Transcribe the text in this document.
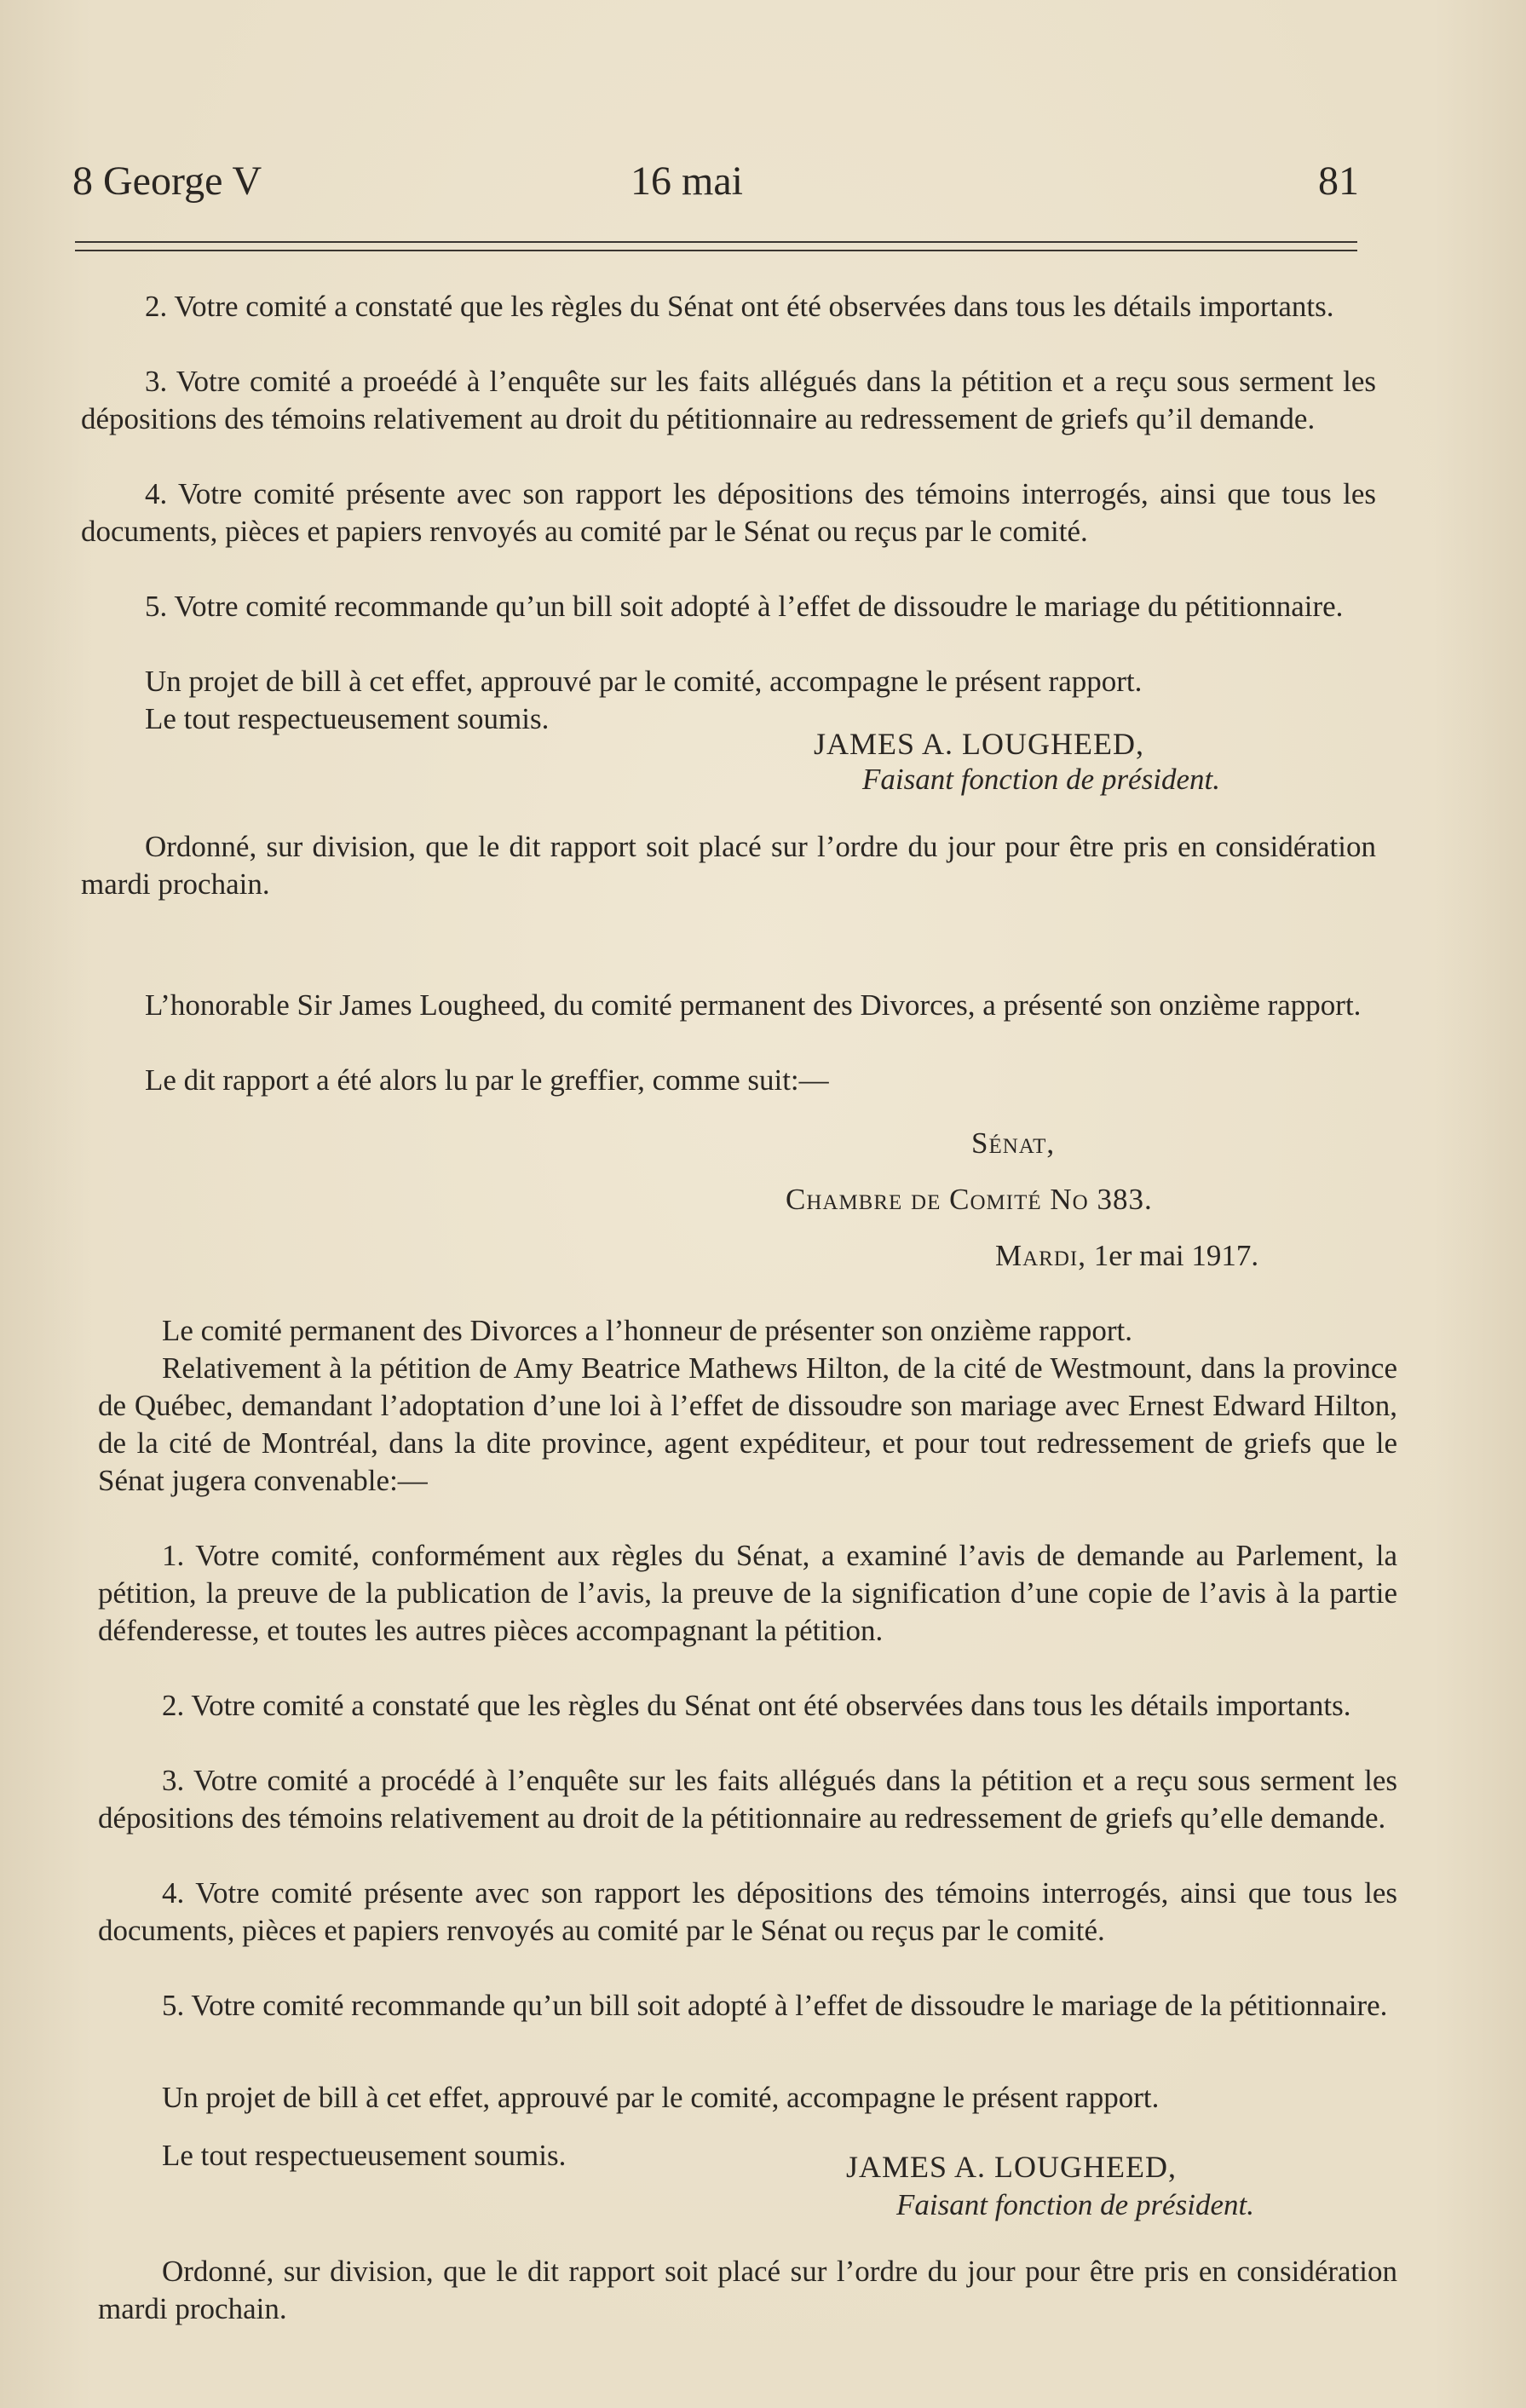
8 George V	16 mai	81

2. Votre comité a constaté que les règles du Sénat ont été observées dans tous les détails importants.

3. Votre comité a proeédé à l’enquête sur les faits allégués dans la pétition et a reçu sous serment les dépositions des témoins relativement au droit du pétitionnaire au redressement de griefs qu’il demande.

4. Votre comité présente avec son rapport les dépositions des témoins interrogés, ainsi que tous les documents, pièces et papiers renvoyés au comité par le Sénat ou reçus par le comité.

5. Votre comité recommande qu’un bill soit adopté à l’effet de dissoudre le mariage du pétitionnaire.

Un projet de bill à cet effet, approuvé par le comité, accompagne le présent rapport.

Le tout respectueusement soumis.

JAMES A. LOUGHEED,
Faisant fonction de président.

Ordonné, sur division, que le dit rapport soit placé sur l’ordre du jour pour être pris en considération mardi prochain.

L’honorable Sir James Lougheed, du comité permanent des Divorces, a présenté son onzième rapport.

Le dit rapport a été alors lu par le greffier, comme suit:—

Sénat,
Chambre de Comité No 383.
Mardi, 1er mai 1917.

Le comité permanent des Divorces a l’honneur de présenter son onzième rapport.

Relativement à la pétition de Amy Beatrice Mathews Hilton, de la cité de Westmount, dans la province de Québec, demandant l’adoptation d’une loi à l’effet de dissoudre son mariage avec Ernest Edward Hilton, de la cité de Montréal, dans la dite province, agent expéditeur, et pour tout redressement de griefs que le Sénat jugera convenable:—

1. Votre comité, conformément aux règles du Sénat, a examiné l’avis de demande au Parlement, la pétition, la preuve de la publication de l’avis, la preuve de la signification d’une copie de l’avis à la partie défenderesse, et toutes les autres pièces accompagnant la pétition.

2. Votre comité a constaté que les règles du Sénat ont été observées dans tous les détails importants.

3. Votre comité a procédé à l’enquête sur les faits allégués dans la pétition et a reçu sous serment les dépositions des témoins relativement au droit de la pétitionnaire au redressement de griefs qu’elle demande.

4. Votre comité présente avec son rapport les dépositions des témoins interrogés, ainsi que tous les documents, pièces et papiers renvoyés au comité par le Sénat ou reçus par le comité.

5. Votre comité recommande qu’un bill soit adopté à l’effet de dissoudre le mariage de la pétitionnaire.

Un projet de bill à cet effet, approuvé par le comité, accompagne le présent rapport.

Le tout respectueusement soumis.	JAMES A. LOUGHEED,
Faisant fonction de président.

Ordonné, sur division, que le dit rapport soit placé sur l’ordre du jour pour être pris en considération mardi prochain.
